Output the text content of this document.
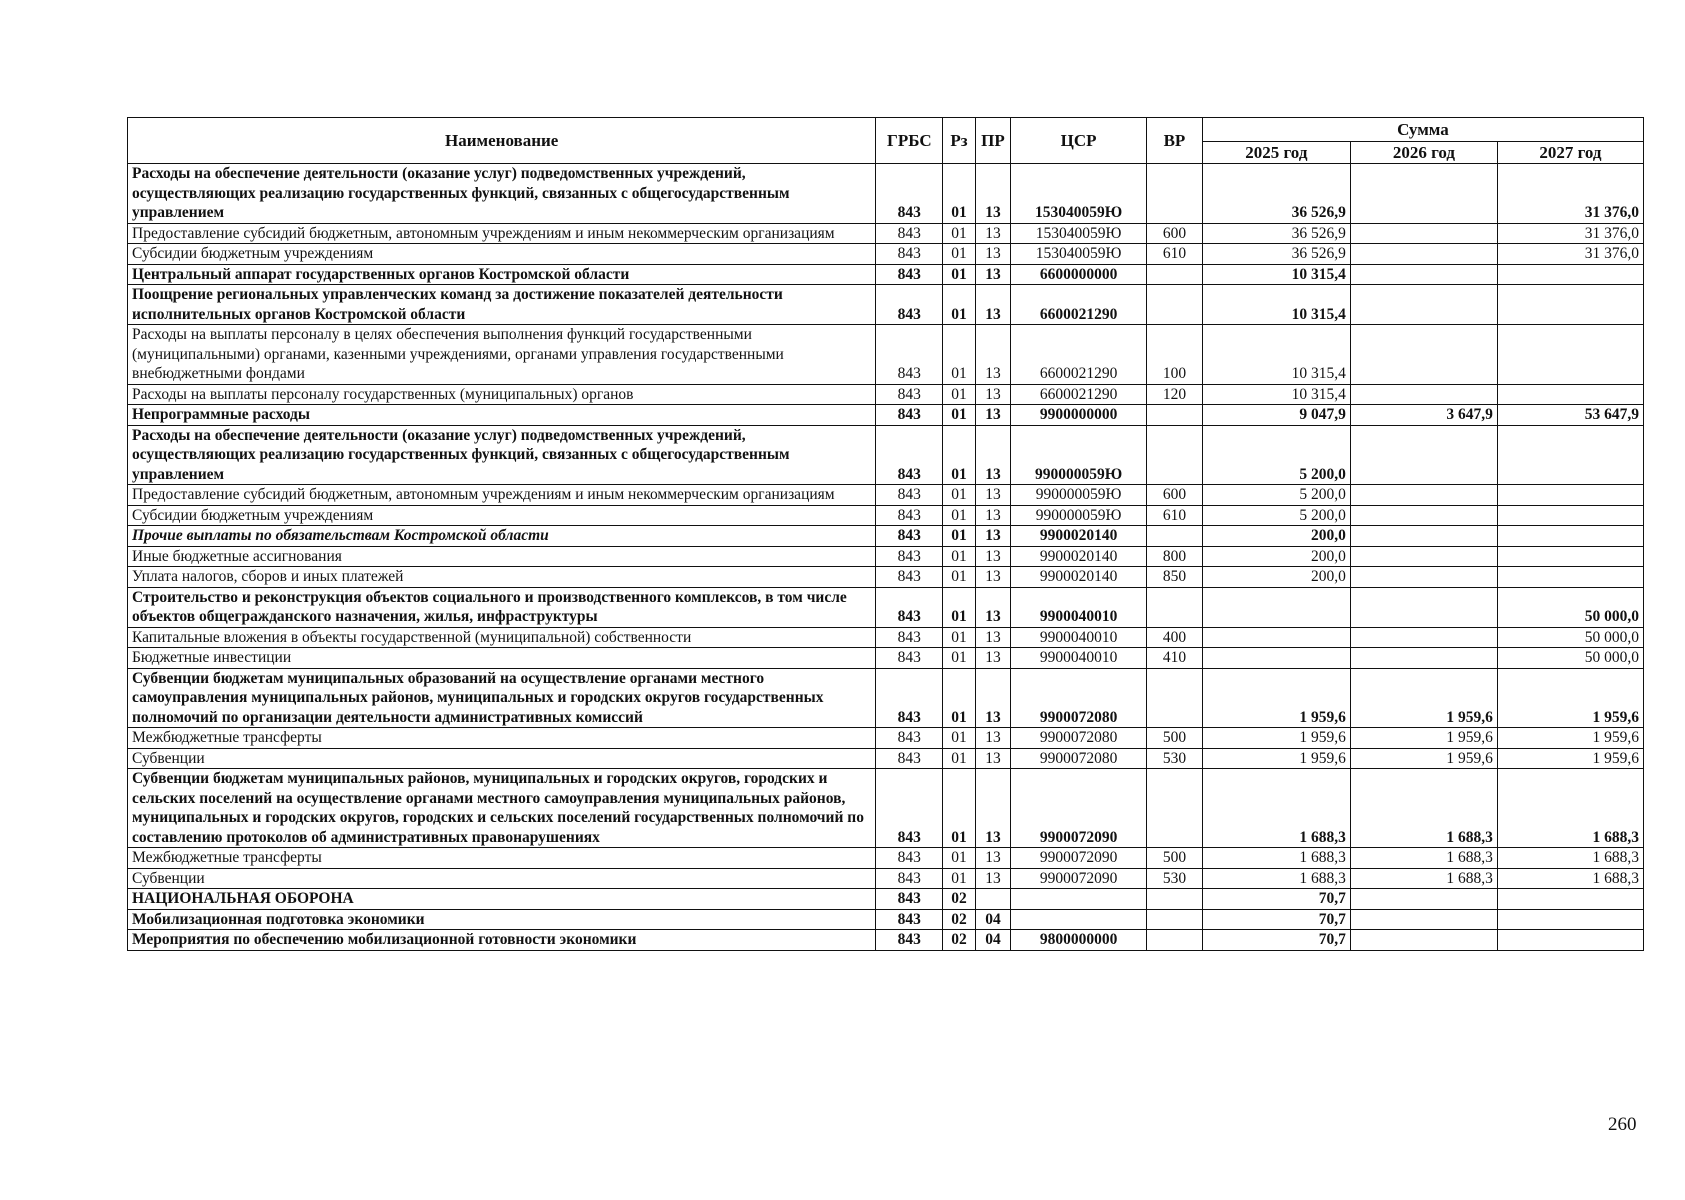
Наименование	ГРБС	Рз	ПР	ЦСР	ВР	Сумма		
						2025 год	2026 год	2027 год
Расходы на обеспечение деятельности (оказание услуг) подведомственных учреждений, осуществляющих реализацию государственных функций, связанных с общегосударственным управлением	843	01	13	153040059Ю		36 526,9		31 376,0
Предоставление субсидий бюджетным, автономным учреждениям и иным некоммерческим организациям	843	01	13	153040059Ю	600	36 526,9		31 376,0
Субсидии бюджетным учреждениям	843	01	13	153040059Ю	610	36 526,9		31 376,0
Центральный аппарат государственных органов Костромской области	843	01	13	6600000000		10 315,4		
Поощрение региональных управленческих команд за достижение показателей деятельности исполнительных органов Костромской области	843	01	13	6600021290		10 315,4		
Расходы на выплаты персоналу в целях обеспечения выполнения функций государственными (муниципальными) органами, казенными учреждениями, органами управления государственными внебюджетными фондами	843	01	13	6600021290	100	10 315,4		
Расходы на выплаты персоналу государственных (муниципальных) органов	843	01	13	6600021290	120	10 315,4		
Непрограммные расходы	843	01	13	9900000000		9 047,9	3 647,9	53 647,9
Расходы на обеспечение деятельности (оказание услуг) подведомственных учреждений, осуществляющих реализацию государственных функций, связанных с общегосударственным управлением	843	01	13	990000059Ю		5 200,0		
Предоставление субсидий бюджетным, автономным учреждениям и иным некоммерческим организациям	843	01	13	990000059Ю	600	5 200,0		
Субсидии бюджетным учреждениям	843	01	13	990000059Ю	610	5 200,0		
Прочие выплаты по обязательствам Костромской области	843	01	13	9900020140		200,0		
Иные бюджетные ассигнования	843	01	13	9900020140	800	200,0		
Уплата налогов, сборов и иных платежей	843	01	13	9900020140	850	200,0		
Строительство и реконструкция объектов социального и производственного комплексов, в том числе объектов общегражданского назначения, жилья, инфраструктуры	843	01	13	9900040010				50 000,0
Капитальные вложения в объекты государственной (муниципальной) собственности	843	01	13	9900040010	400			50 000,0
Бюджетные инвестиции	843	01	13	9900040010	410			50 000,0
Субвенции бюджетам муниципальных образований на осуществление органами местного самоуправления муниципальных районов, муниципальных и городских округов государственных полномочий по организации деятельности административных комиссий	843	01	13	9900072080		1 959,6	1 959,6	1 959,6
Межбюджетные трансферты	843	01	13	9900072080	500	1 959,6	1 959,6	1 959,6
Субвенции	843	01	13	9900072080	530	1 959,6	1 959,6	1 959,6
Субвенции бюджетам муниципальных районов, муниципальных и городских округов, городских и сельских поселений на осуществление органами местного самоуправления муниципальных районов, муниципальных и городских округов, городских и сельских поселений государственных полномочий по составлению протоколов об административных правонарушениях	843	01	13	9900072090		1 688,3	1 688,3	1 688,3
Межбюджетные трансферты	843	01	13	9900072090	500	1 688,3	1 688,3	1 688,3
Субвенции	843	01	13	9900072090	530	1 688,3	1 688,3	1 688,3
НАЦИОНАЛЬНАЯ ОБОРОНА	843	02				70,7		
Мобилизационная подготовка экономики	843	02	04			70,7		
Мероприятия по обеспечению мобилизационной готовности экономики	843	02	04	9800000000		70,7		
260
